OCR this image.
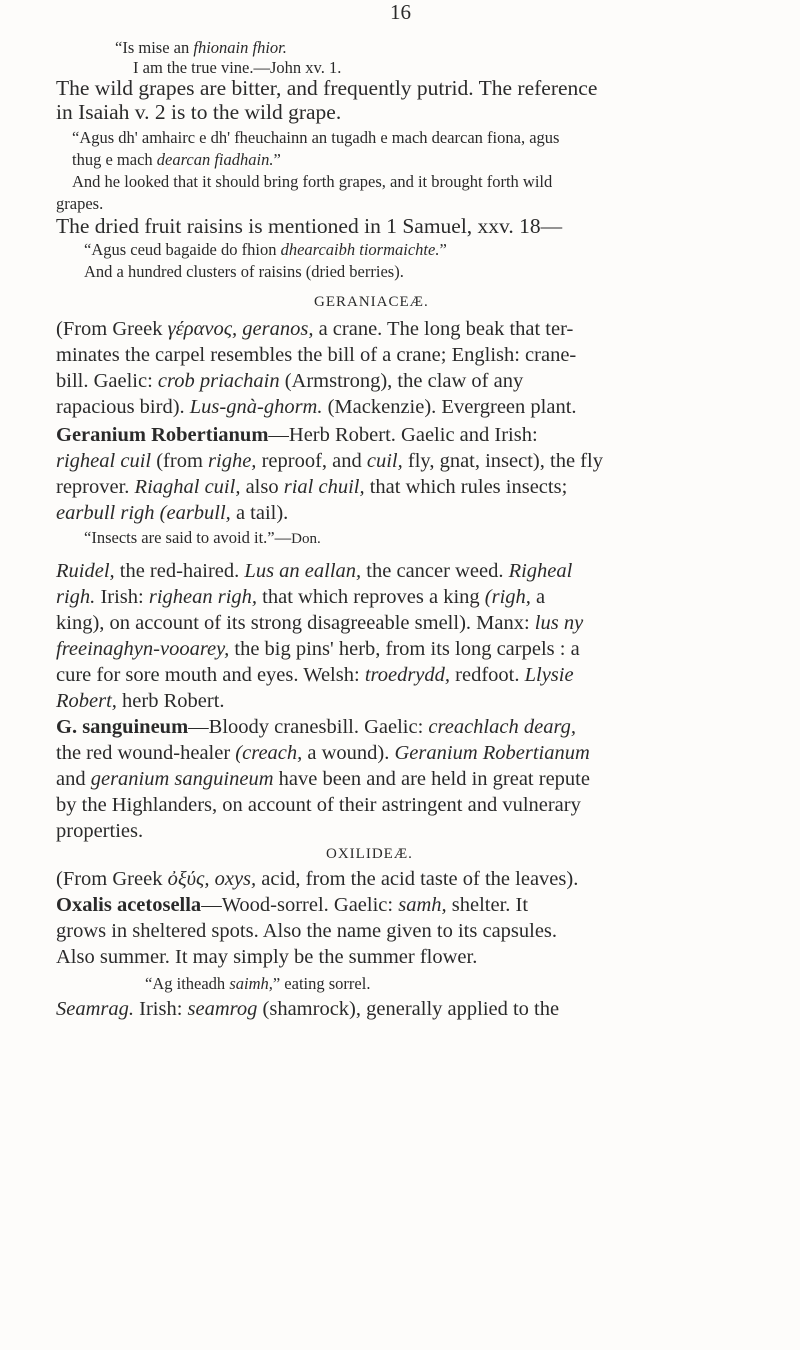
16
“Is mise an fhionain fhior.
I am the true vine.—John xv. 1.
The wild grapes are bitter, and frequently putrid. The reference
in Isaiah v. 2 is to the wild grape.
“Agus dh' amhairc e dh' fheuchainn an tugadh e mach dearcan fiona, agus
thug e mach dearcan fiadhain.”
And he looked that it should bring forth grapes, and it brought forth wild
grapes.
The dried fruit raisins is mentioned in 1 Samuel, xxv. 18—
“Agus ceud bagaide do fhion dhearcaibh tiormaichte.”
And a hundred clusters of raisins (dried berries).
GERANIACEÆ.
(From Greek γέρανος, geranos, a crane. The long beak that ter-
minates the carpel resembles the bill of a crane; English: crane-
bill. Gaelic: crob priachain (Armstrong), the claw of any
rapacious bird). Lus-gnà-ghorm. (Mackenzie). Evergreen plant.
Geranium Robertianum—Herb Robert. Gaelic and Irish:
righeal cuil (from righe, reproof, and cuil, fly, gnat, insect), the fly
reprover. Riaghal cuil, also rial chuil, that which rules insects;
earbull righ (earbull, a tail).
“Insects are said to avoid it.”—Don.
Ruidel, the red-haired. Lus an eallan, the cancer weed. Righeal
righ. Irish: righean righ, that which reproves a king (righ, a
king), on account of its strong disagreeable smell). Manx: lus ny
freeinaghyn-vooarey, the big pins' herb, from its long carpels : a
cure for sore mouth and eyes. Welsh: troedrydd, redfoot. Llysie
Robert, herb Robert.
G. sanguineum—Bloody cranesbill. Gaelic: creachlach dearg,
the red wound-healer (creach, a wound). Geranium Robertianum
and geranium sanguineum have been and are held in great repute
by the Highlanders, on account of their astringent and vulnerary
properties.
OXILIDEÆ.
(From Greek ὀξύς, oxys, acid, from the acid taste of the leaves).
Oxalis acetosella—Wood-sorrel. Gaelic: samh, shelter. It
grows in sheltered spots. Also the name given to its capsules.
Also summer. It may simply be the summer flower.
“Ag itheadh saimh,” eating sorrel.
Seamrag. Irish: seamrog (shamrock), generally applied to the
